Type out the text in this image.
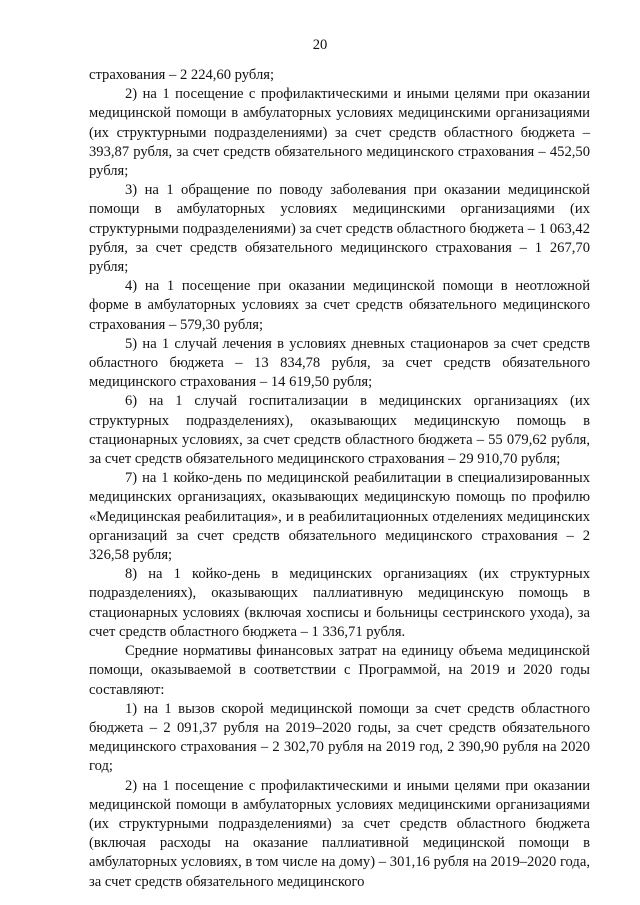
20

страхования – 2 224,60 рубля;

2) на 1 посещение с профилактическими и иными целями при оказании медицинской помощи в амбулаторных условиях медицинскими организациями (их структурными подразделениями) за счет средств областного бюджета – 393,87 рубля, за счет средств обязательного медицинского страхования – 452,50 рубля;

3) на 1 обращение по поводу заболевания при оказании медицинской помощи в амбулаторных условиях медицинскими организациями (их структурными подразделениями) за счет средств областного бюджета – 1 063,42 рубля, за счет средств обязательного медицинского страхования – 1 267,70 рубля;

4) на 1 посещение при оказании медицинской помощи в неотложной форме в амбулаторных условиях за счет средств обязательного медицинского страхования – 579,30 рубля;

5) на 1 случай лечения в условиях дневных стационаров за счет средств областного бюджета – 13 834,78 рубля, за счет средств обязательного медицинского страхования – 14 619,50 рубля;

6) на 1 случай госпитализации в медицинских организациях (их структурных подразделениях), оказывающих медицинскую помощь в стационарных условиях, за счет средств областного бюджета – 55 079,62 рубля, за счет средств обязательного медицинского страхования – 29 910,70 рубля;

7) на 1 койко-день по медицинской реабилитации в специализированных медицинских организациях, оказывающих медицинскую помощь по профилю «Медицинская реабилитация», и в реабилитационных отделениях медицинских организаций за счет средств обязательного медицинского страхования – 2 326,58 рубля;

8) на 1 койко-день в медицинских организациях (их структурных подразделениях), оказывающих паллиативную медицинскую помощь в стационарных условиях (включая хосписы и больницы сестринского ухода), за счет средств областного бюджета – 1 336,71 рубля.

Средние нормативы финансовых затрат на единицу объема медицинской помощи, оказываемой в соответствии с Программой, на 2019 и 2020 годы составляют:

1) на 1 вызов скорой медицинской помощи за счет средств областного бюджета – 2 091,37 рубля на 2019–2020 годы, за счет средств обязательного медицинского страхования – 2 302,70 рубля на 2019 год, 2 390,90 рубля на 2020 год;

2) на 1 посещение с профилактическими и иными целями при оказании медицинской помощи в амбулаторных условиях медицинскими организациями (их структурными подразделениями) за счет средств областного бюджета (включая расходы на оказание паллиативной медицинской помощи в амбулаторных условиях, в том числе на дому) – 301,16 рубля на 2019–2020 года, за счет средств обязательного медицинского
